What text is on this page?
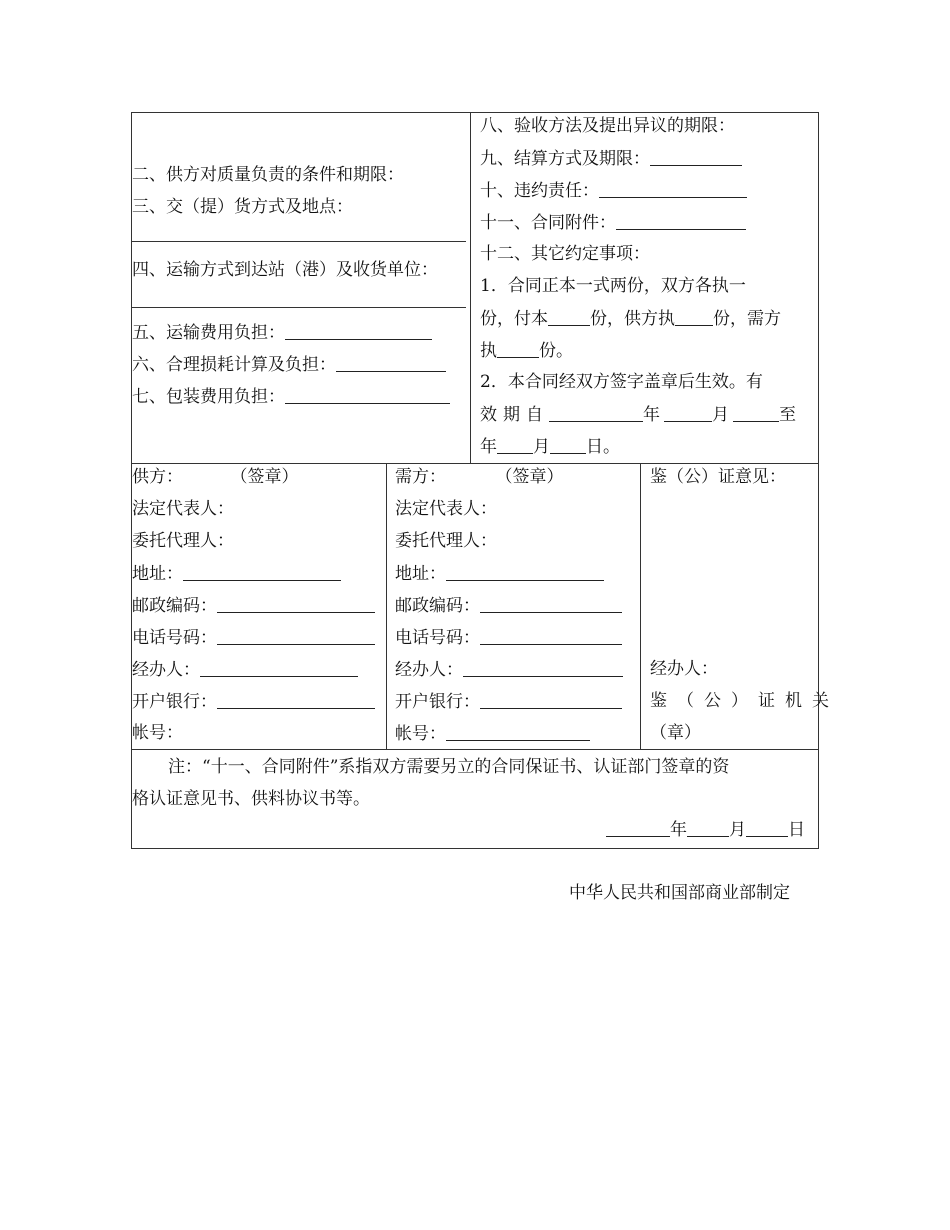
二、供方对质量负责的条件和期限：
三、交（提）货方式及地点：
四、运输方式到达站（港）及收货单位：
五、运输费用负担：
六、合理损耗计算及负担：
七、包装费用负担：
八、验收方法及提出异议的期限：
九、结算方式及期限：
十、违约责任：
十一、合同附件：
十二、其它约定事项：
1．合同正本一式两份，双方各执一
份，付本 份，供方执 份，需方
执 份。
2．本合同经双方签字盖章后生效。有
效期自	年	月	至
年 月 日。
供方：	（签章）
法定代表人：
委托代理人：
地址：
邮政编码：
电话号码：
经办人：
开户银行：
帐号：
需方：	（签章）
法定代表人：
委托代理人：
地址：
邮政编码：
电话号码：
经办人：
开户银行：
帐号：
鉴（公）证意见：
经办人：
鉴（公）证机关
（章）
注：“十一、合同附件”系指双方需要另立的合同保证书、认证部门签章的资
格认证意见书、供料协议书等。
年 月 日
中华人民共和国部商业部制定
